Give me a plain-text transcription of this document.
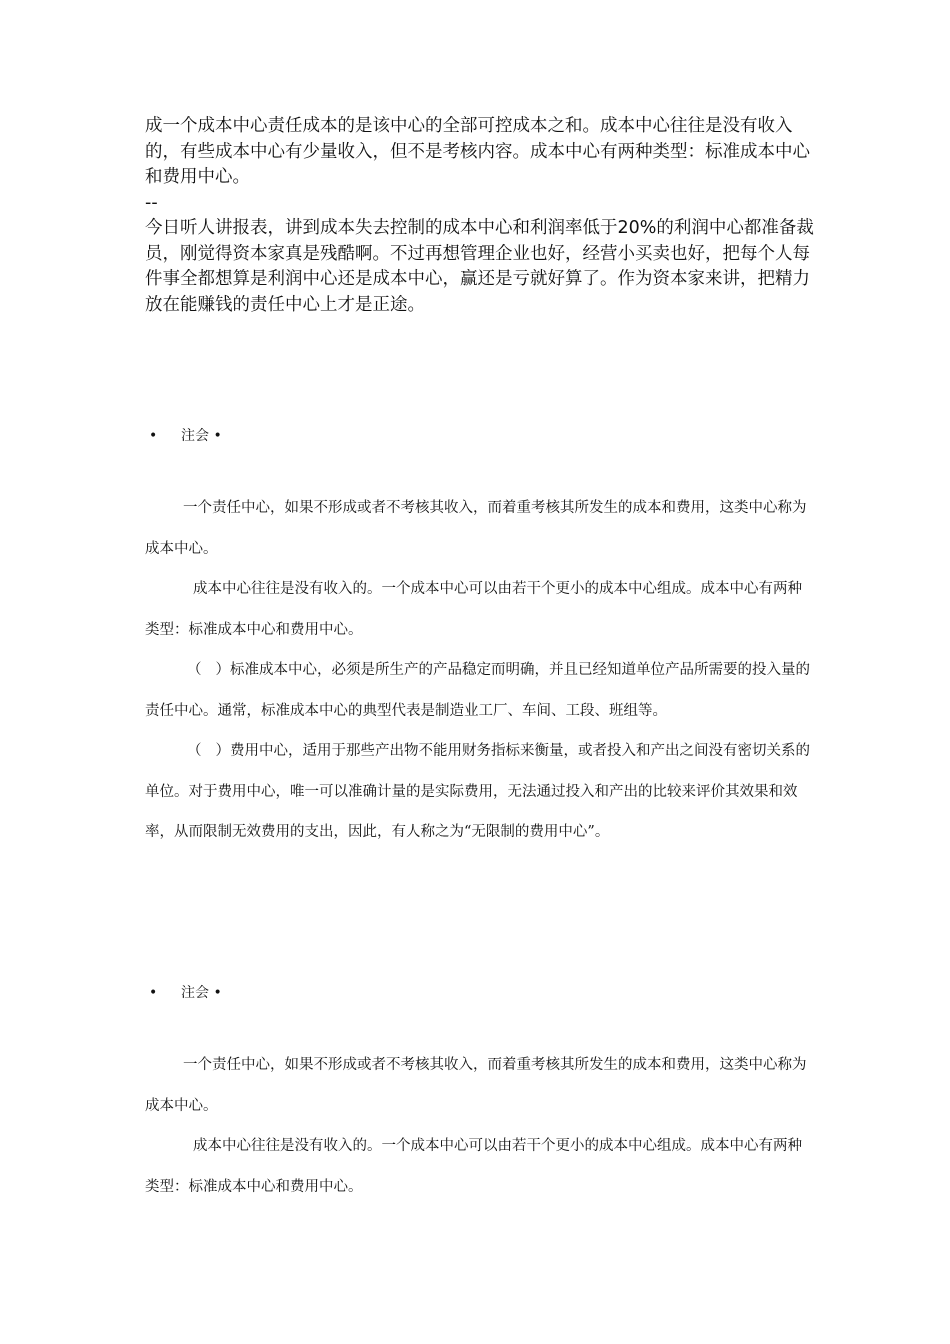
成一个成本中心责任成本的是该中心的全部可控成本之和。成本中心往往是没有收入的，有些成本中心有少量收入，但不是考核内容。成本中心有两种类型：标准成本中心和费用中心。

--

今日听人讲报表，讲到成本失去控制的成本中心和利润率低于20%的利润中心都准备裁员，刚觉得资本家真是残酷啊。不过再想管理企业也好，经营小买卖也好，把每个人每件事全都想算是利润中心还是成本中心，赢还是亏就好算了。作为资本家来讲，把精力放在能赚钱的责任中心上才是正途。

• 注会 •

一个责任中心，如果不形成或者不考核其收入，而着重考核其所发生的成本和费用，这类中心称为成本中心。

成本中心往往是没有收入的。一个成本中心可以由若干个更小的成本中心组成。成本中心有两种类型：标准成本中心和费用中心。

（ ）标准成本中心，必须是所生产的产品稳定而明确，并且已经知道单位产品所需要的投入量的责任中心。通常，标准成本中心的典型代表是制造业工厂、车间、工段、班组等。

（ ）费用中心，适用于那些产出物不能用财务指标来衡量，或者投入和产出之间没有密切关系的单位。对于费用中心，唯一可以准确计量的是实际费用，无法通过投入和产出的比较来评价其效果和效率，从而限制无效费用的支出，因此，有人称之为“无限制的费用中心”。

• 注会 •

一个责任中心，如果不形成或者不考核其收入，而着重考核其所发生的成本和费用，这类中心称为成本中心。

成本中心往往是没有收入的。一个成本中心可以由若干个更小的成本中心组成。成本中心有两种类型：标准成本中心和费用中心。
